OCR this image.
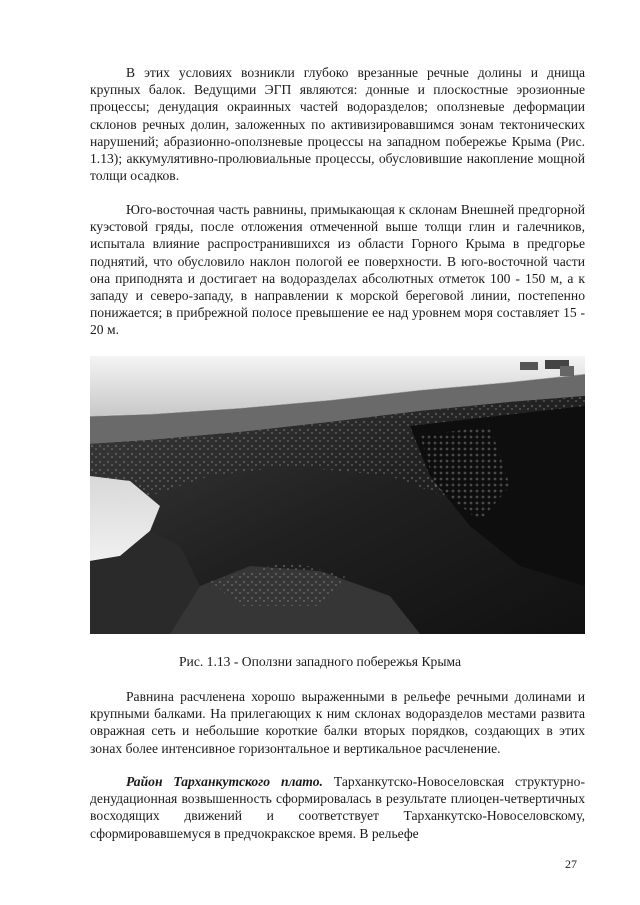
В этих условиях возникли глубоко врезанные речные долины и днища крупных балок. Ведущими ЭГП являются: донные и плоскостные эрозионные процессы; денудация окраинных частей водоразделов; оползневые деформации склонов речных долин, заложенных по активизировавшимся зонам тектонических нарушений; абразионно-оползневые процессы на западном побережье Крыма (Рис. 1.13); аккумулятивно-пролювиальные процессы, обусловившие накопление мощной толщи осадков.

Юго-восточная часть равнины, примыкающая к склонам Внешней предгорной куэстовой гряды, после отложения отмеченной выше толщи глин и галечников, испытала влияние распространившихся из области Горного Крыма в предгорье поднятий, что обусловило наклон пологой ее поверхности. В юго-восточной части она приподнята и достигает на водоразделах абсолютных отметок 100 - 150 м, а к западу и северо-западу, в направлении к морской береговой линии, постепенно понижается; в прибрежной полосе превышение ее над уровнем моря составляет 15 - 20 м.

Рис. 1.13 - Оползни западного побережья Крыма

Равнина расчленена хорошо выраженными в рельефе речными долинами и крупными балками. На прилегающих к ним склонах водоразделов местами развита овражная сеть и небольшие короткие балки вторых порядков, создающих в этих зонах более интенсивное горизонтальное и вертикальное расчленение.

Район Тарханкутского плато. Тарханкутско-Новоселовская структурно-денудационная возвышенность сформировалась в результате плиоцен-четвертичных восходящих движений и соответствует Тарханкутско-Новоселовскому, сформировавшемуся в предчокракское время. В рельефе

27
